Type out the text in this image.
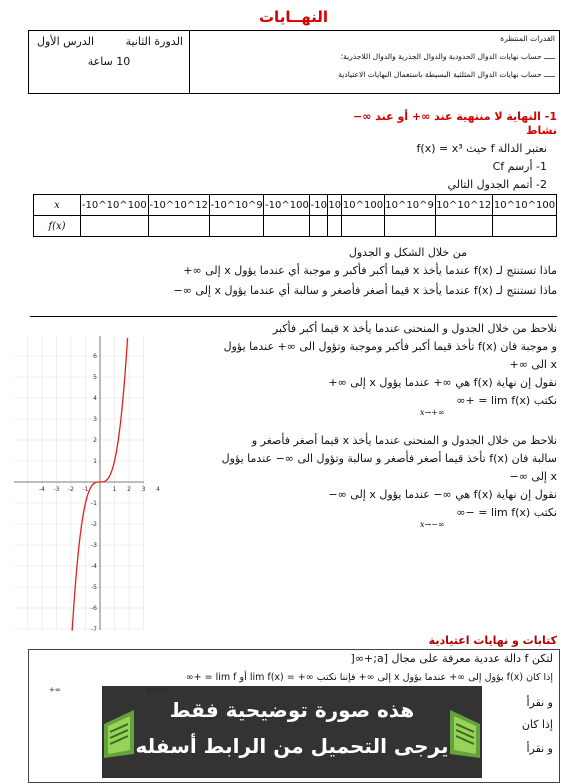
النهــايات
الدورة الثانية
الدرس الأول
10 ساعة
القدرات المنتظرة
ـــــ حساب نهايات الدوال الحدودية والدوال الجذرية والدوال اللاجذرية؛
ـــــ حساب نهايات الدوال المثلثية البسيطة باستعمال النهايات الاعتيادية
1- النهاية لا منتهية عند ∞+ أو عند ∞−
نشاط
نعتبر الدالة f حيث f(x) = x³
1- أرسم Cf
2- أتمم الجدول التالي
x	-10^10^100	-10^10^12	-10^10^9	-10^100	-10	10	10^100	10^10^9	10^10^12	10^10^100
f(x)										
من خلال الشكل و الجدول
ماذا تستنتج لـ f(x) عندما يأخذ x قيما أكبر فأكبر و موجبة أي عندما يؤول x إلى ∞+
ماذا تستنتج لـ f(x) عندما يأخذ x قيما أصغر فأصغر و سالبة أي عندما يؤول x إلى ∞−
نلاحظ من خلال الجدول و المنحنى عندما يأخذ x قيما أكبر فأكبر
و موجبة فان f(x) تأخذ قيما أكبر فأكبر وموجبة وتؤول الى ∞+ عندما يؤول
x الى ∞+
نقول إن نهاية f(x) هي ∞+ عندما يؤول x إلى ∞+
نكتب lim f(x) = +∞
x→+∞
نلاحظ من خلال الجدول و المنحنى عندما يأخذ x قيما أصغر فأصغر و
سالبة فان f(x) تأخذ قيما أصغر فأصغر و سالبة وتؤول الى ∞− عندما يؤول
x إلى ∞−
نقول إن نهاية f(x) هي ∞− عندما يؤول x إلى ∞−
نكتب lim f(x) = −∞
x→−∞
-4 -3 -2 -1	1 2 3 4
6
5
4
3
2
1
-1
-2
-3
-4
-5
-6
-7
كتابات و نهايات اعتيادية
لتكن f دالة عددية معرفة على مجال [a;+∞[
إذا كان f(x) يؤول إلى ∞+ عندما يؤول x إلى ∞+ فإننا نكتب ∞+ = lim f(x) أو lim f = +∞
و نقرأ
إذا كان
و نقرأ
+∞
هذه صورة توضيحية فقط
يرجى التحميل من الرابط أسفله
